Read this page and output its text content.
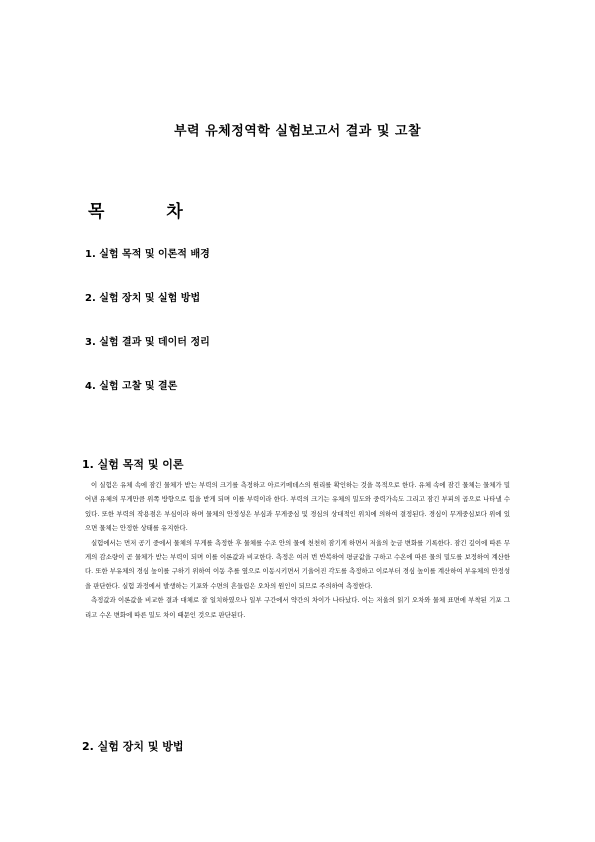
부력 유체정역학 실험보고서 결과 및 고찰
목 차
1. 실험 목적 및 이론적 배경
2. 실험 장치 및 실험 방법
3. 실험 결과 및 데이터 정리
4. 실험 고찰 및 결론
1. 실험 목적 및 이론

이 실험은 유체 속에 잠긴 물체가 받는 부력의 크기를 측정하고 아르키메데스의 원리를 확인하는 것을 목적으로 한다. 유체 속에 잠긴 물체는 물체가 밀어낸 유체의 무게만큼 위쪽 방향으로 힘을 받게 되며 이를 부력이라 한다. 부력의 크기는 유체의 밀도와 중력가속도 그리고 잠긴 부피의 곱으로 나타낼 수 있다. 또한 부력의 작용점은 부심이라 하며 물체의 안정성은 부심과 무게중심 및 경심의 상대적인 위치에 의하여 결정된다. 경심이 무게중심보다 위에 있으면 물체는 안정한 상태를 유지한다.

실험에서는 먼저 공기 중에서 물체의 무게를 측정한 후 물체를 수조 안의 물에 천천히 잠기게 하면서 저울의 눈금 변화를 기록한다. 잠긴 깊이에 따른 무게의 감소량이 곧 물체가 받는 부력이 되며 이를 이론값과 비교한다. 측정은 여러 번 반복하여 평균값을 구하고 수온에 따른 물의 밀도를 보정하여 계산한다. 또한 부유체의 경심 높이를 구하기 위하여 이동 추를 옆으로 이동시키면서 기울어진 각도를 측정하고 이로부터 경심 높이를 계산하여 부유체의 안정성을 판단한다. 실험 과정에서 발생하는 기포와 수면의 흔들림은 오차의 원인이 되므로 주의하여 측정한다.

측정값과 이론값을 비교한 결과 대체로 잘 일치하였으나 일부 구간에서 약간의 차이가 나타났다. 이는 저울의 읽기 오차와 물체 표면에 부착된 기포 그리고 수온 변화에 따른 밀도 차이 때문인 것으로 판단된다.

2. 실험 장치 및 방법
